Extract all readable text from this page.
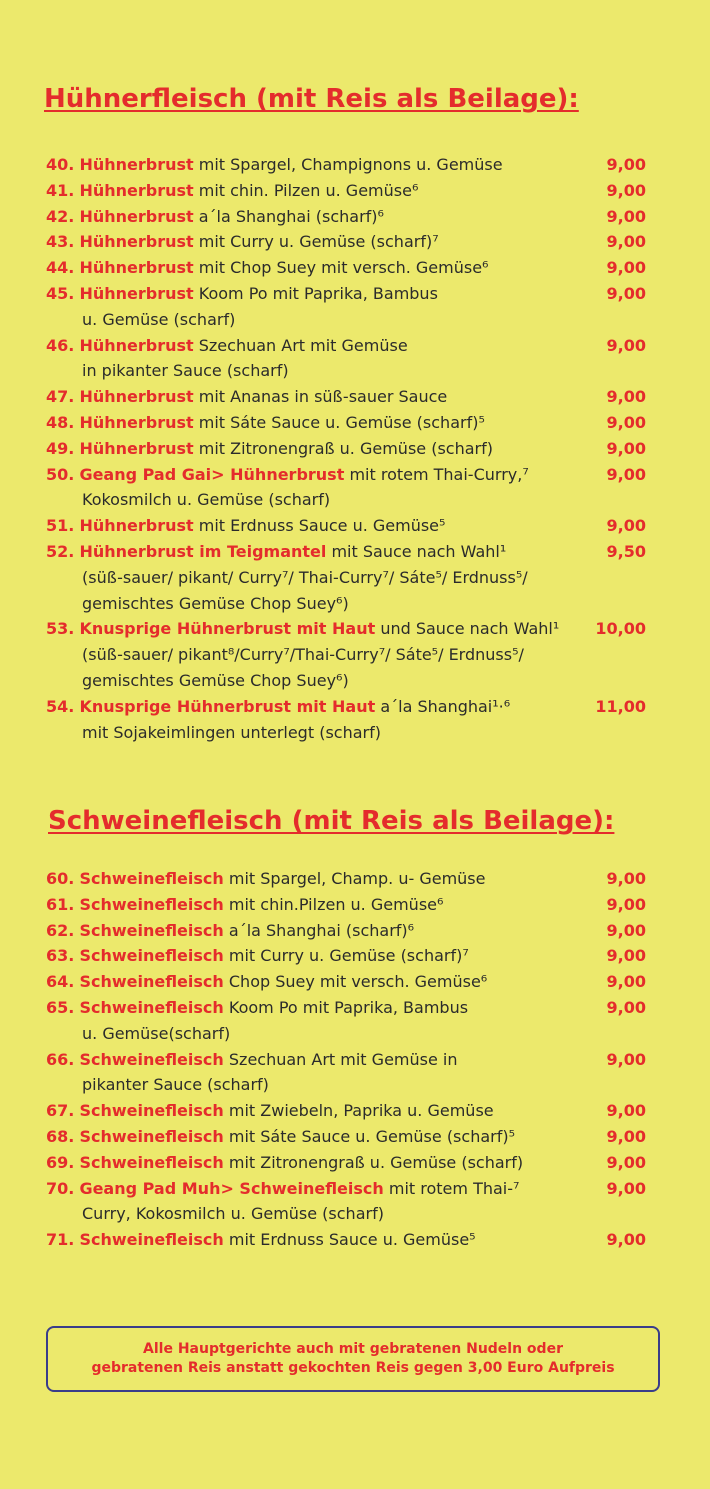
Hühnerfleisch (mit Reis als Beilage):
40. Hühnerbrust mit Spargel, Champignons u. Gemüse	9,00
41. Hühnerbrust mit chin. Pilzen u. Gemüse⁶	9,00
42. Hühnerbrust a´la Shanghai (scharf)⁶	9,00
43. Hühnerbrust mit Curry u. Gemüse (scharf)⁷	9,00
44. Hühnerbrust mit Chop Suey mit versch. Gemüse⁶	9,00
45. Hühnerbrust Koom Po mit Paprika, Bambus	9,00
u. Gemüse (scharf)
46. Hühnerbrust Szechuan Art mit Gemüse	9,00
in pikanter Sauce (scharf)
47. Hühnerbrust mit Ananas in süß-sauer Sauce	9,00
48. Hühnerbrust mit Sáte Sauce u. Gemüse (scharf)⁵	9,00
49. Hühnerbrust mit Zitronengraß u. Gemüse (scharf)	9,00
50. Geang Pad Gai> Hühnerbrust mit rotem Thai-Curry,⁷	9,00
Kokosmilch u. Gemüse (scharf)
51. Hühnerbrust mit Erdnuss Sauce u. Gemüse⁵	9,00
52. Hühnerbrust im Teigmantel mit Sauce nach Wahl¹	9,50
(süß-sauer/ pikant/ Curry⁷/ Thai-Curry⁷/ Sáte⁵/ Erdnuss⁵/
gemischtes Gemüse Chop Suey⁶)
53. Knusprige Hühnerbrust mit Haut und Sauce nach Wahl¹	10,00
(süß-sauer/ pikant⁸/Curry⁷/Thai-Curry⁷/ Sáte⁵/ Erdnuss⁵/
gemischtes Gemüse Chop Suey⁶)
54. Knusprige Hühnerbrust mit Haut a´la Shanghai¹·⁶	11,00
mit Sojakeimlingen unterlegt (scharf)
Schweinefleisch (mit Reis als Beilage):
60. Schweinefleisch mit Spargel, Champ. u- Gemüse	9,00
61. Schweinefleisch mit chin.Pilzen u. Gemüse⁶	9,00
62. Schweinefleisch a´la Shanghai (scharf)⁶	9,00
63. Schweinefleisch mit Curry u. Gemüse (scharf)⁷	9,00
64. Schweinefleisch Chop Suey mit versch. Gemüse⁶	9,00
65. Schweinefleisch Koom Po mit Paprika, Bambus	9,00
u. Gemüse(scharf)
66. Schweinefleisch Szechuan Art mit Gemüse in	9,00
pikanter Sauce (scharf)
67. Schweinefleisch mit Zwiebeln, Paprika u. Gemüse	9,00
68. Schweinefleisch mit Sáte Sauce u. Gemüse (scharf)⁵	9,00
69. Schweinefleisch mit Zitronengraß u. Gemüse (scharf)	9,00
70. Geang Pad Muh> Schweinefleisch mit rotem Thai-⁷	9,00
Curry, Kokosmilch u. Gemüse (scharf)
71. Schweinefleisch mit Erdnuss Sauce u. Gemüse⁵	9,00
Alle Hauptgerichte auch mit gebratenen Nudeln oder
gebratenen Reis anstatt gekochten Reis gegen 3,00 Euro Aufpreis
